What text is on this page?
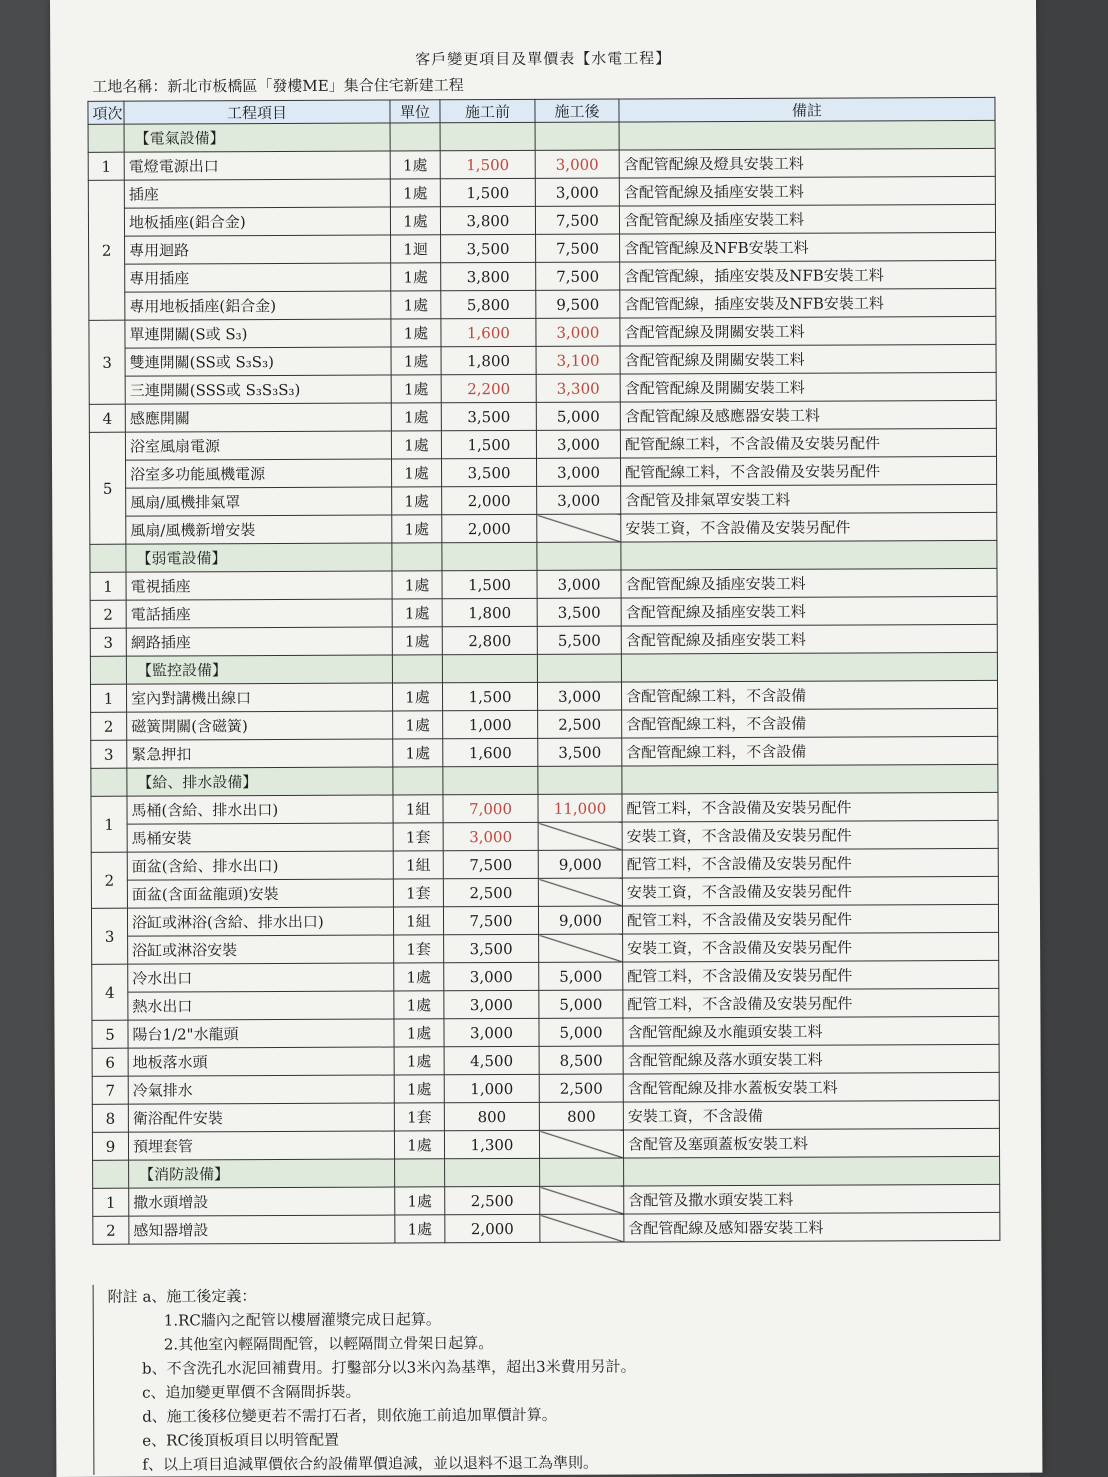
客戶變更項目及單價表【水電工程】
工地名稱：新北市板橋區「發樓ME」集合住宅新建工程
項次	工程項目	單位	施工前	施工後	備註
	【電氣設備】				
1	電燈電源出口	1處	1,500	3,000	含配管配線及燈具安裝工料
2	插座	1處	1,500	3,000	含配管配線及插座安裝工料
	地板插座(鋁合金)	1處	3,800	7,500	含配管配線及插座安裝工料
	專用迴路	1迴	3,500	7,500	含配管配線及NFB安裝工料
	專用插座	1處	3,800	7,500	含配管配線，插座安裝及NFB安裝工料
	專用地板插座(鋁合金)	1處	5,800	9,500	含配管配線，插座安裝及NFB安裝工料
3	單連開關(S或 S₃)	1處	1,600	3,000	含配管配線及開關安裝工料
	雙連開關(SS或 S₃S₃)	1處	1,800	3,100	含配管配線及開關安裝工料
	三連開關(SSS或 S₃S₃S₃)	1處	2,200	3,300	含配管配線及開關安裝工料
4	感應開關	1處	3,500	5,000	含配管配線及感應器安裝工料
5	浴室風扇電源	1處	1,500	3,000	配管配線工料，不含設備及安裝另配件
	浴室多功能風機電源	1處	3,500	3,000	配管配線工料，不含設備及安裝另配件
	風扇/風機排氣罩	1處	2,000	3,000	含配管及排氣罩安裝工料
	風扇/風機新增安裝	1處	2,000		安裝工資，不含設備及安裝另配件
	【弱電設備】				
1	電視插座	1處	1,500	3,000	含配管配線及插座安裝工料
2	電話插座	1處	1,800	3,500	含配管配線及插座安裝工料
3	網路插座	1處	2,800	5,500	含配管配線及插座安裝工料
	【監控設備】				
1	室內對講機出線口	1處	1,500	3,000	含配管配線工料，不含設備
2	磁簧開關(含磁簧)	1處	1,000	2,500	含配管配線工料，不含設備
3	緊急押扣	1處	1,600	3,500	含配管配線工料，不含設備
	【給、排水設備】				
1	馬桶(含給、排水出口)	1組	7,000	11,000	配管工料，不含設備及安裝另配件
	馬桶安裝	1套	3,000		安裝工資，不含設備及安裝另配件
2	面盆(含給、排水出口)	1組	7,500	9,000	配管工料，不含設備及安裝另配件
	面盆(含面盆龍頭)安裝	1套	2,500		安裝工資，不含設備及安裝另配件
3	浴缸或淋浴(含給、排水出口)	1組	7,500	9,000	配管工料，不含設備及安裝另配件
	浴缸或淋浴安裝	1套	3,500		安裝工資，不含設備及安裝另配件
4	冷水出口	1處	3,000	5,000	配管工料，不含設備及安裝另配件
	熱水出口	1處	3,000	5,000	配管工料，不含設備及安裝另配件
5	陽台1/2"水龍頭	1處	3,000	5,000	含配管配線及水龍頭安裝工料
6	地板落水頭	1處	4,500	8,500	含配管配線及落水頭安裝工料
7	冷氣排水	1處	1,000	2,500	含配管配線及排水蓋板安裝工料
8	衛浴配件安裝	1套	800	800	安裝工資，不含設備
9	預埋套管	1處	1,300		含配管及塞頭蓋板安裝工料
	【消防設備】				
1	撒水頭增設	1處	2,500		含配管及撒水頭安裝工料
2	感知器增設	1處	2,000		含配管配線及感知器安裝工料
附註 a、施工後定義：
1.RC牆內之配管以樓層灌漿完成日起算。
2.其他室內輕隔間配管，以輕隔間立骨架日起算。
b、不含洗孔水泥回補費用。打鑿部分以3米內為基準，超出3米費用另計。
c、追加變更單價不含隔間拆裝。
d、施工後移位變更若不需打石者，則依施工前追加單價計算。
e、RC後頂板項目以明管配置
f、以上項目追減單價依合約設備單價追減，並以退料不退工為準則。
